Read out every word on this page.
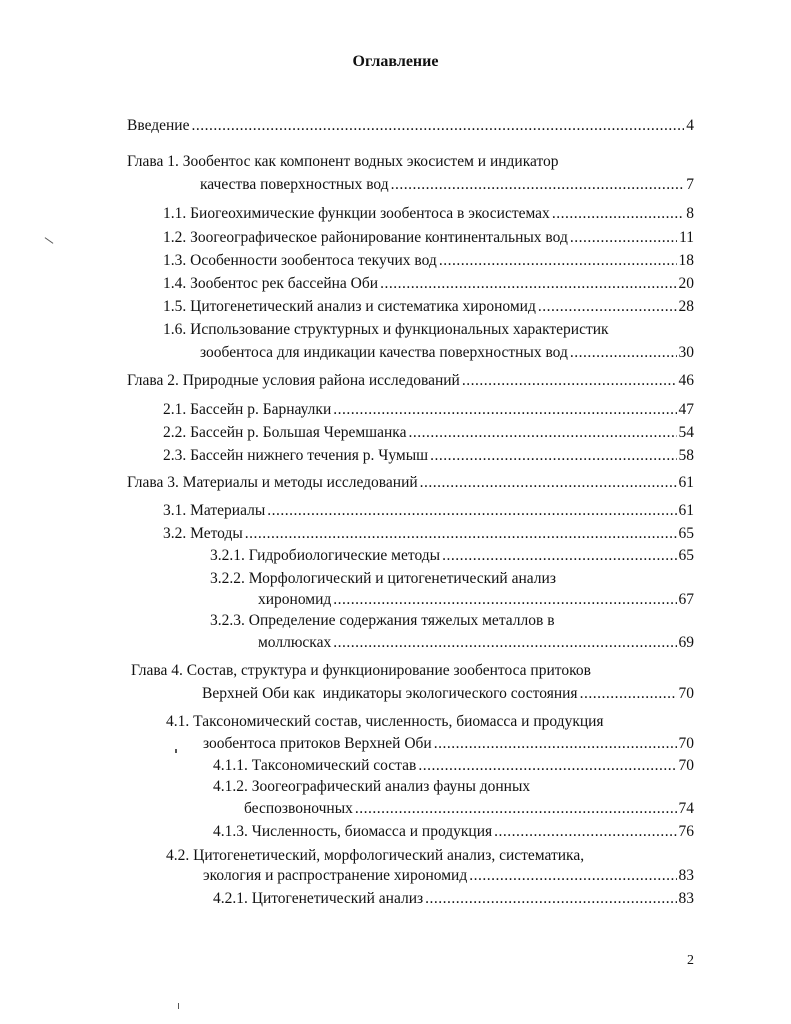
Оглавление
Введение .....	4
Глава 1. Зообентос как компонент водных экосистем и индикатор
качества поверхностных вод .....	7
1.1. Биогеохимические функции зообентоса в экосистемах .....	8
1.2. Зоогеографическое районирование континентальных вод .....	11
1.3. Особенности зообентоса текучих вод .....	18
1.4. Зообентос рек бассейна Оби .....	20
1.5. Цитогенетический анализ и систематика хирономид .....	28
1.6. Использование структурных и функциональных характеристик
зообентоса для индикации качества поверхностных вод .....	30
Глава 2. Природные условия района исследований .....	46
2.1. Бассейн р. Барнаулки .....	47
2.2. Бассейн р. Большая Черемшанка .....	54
2.3. Бассейн нижнего течения р. Чумыш .....	58
Глава 3. Материалы и методы исследований .....	61
3.1. Материалы .....	61
3.2. Методы .....	65
3.2.1. Гидробиологические методы .....	65
3.2.2. Морфологический и цитогенетический анализ
хирономид .....	67
3.2.3. Определение содержания тяжелых металлов в
моллюсках .....	69
Глава 4. Состав, структура и функционирование зообентоса притоков
Верхней Оби как  индикаторы экологического состояния .....	70
4.1. Таксономический состав, численность, биомасса и продукция
зообентоса притоков Верхней Оби .....	70
4.1.1. Таксономический состав .....	70
4.1.2. Зоогеографический анализ фауны донных
беспозвоночных .....	74
4.1.3. Численность, биомасса и продукция .....	76
4.2. Цитогенетический, морфологический анализ, систематика,
экология и распространение хирономид .....	83
4.2.1. Цитогенетический анализ .....	83
2
